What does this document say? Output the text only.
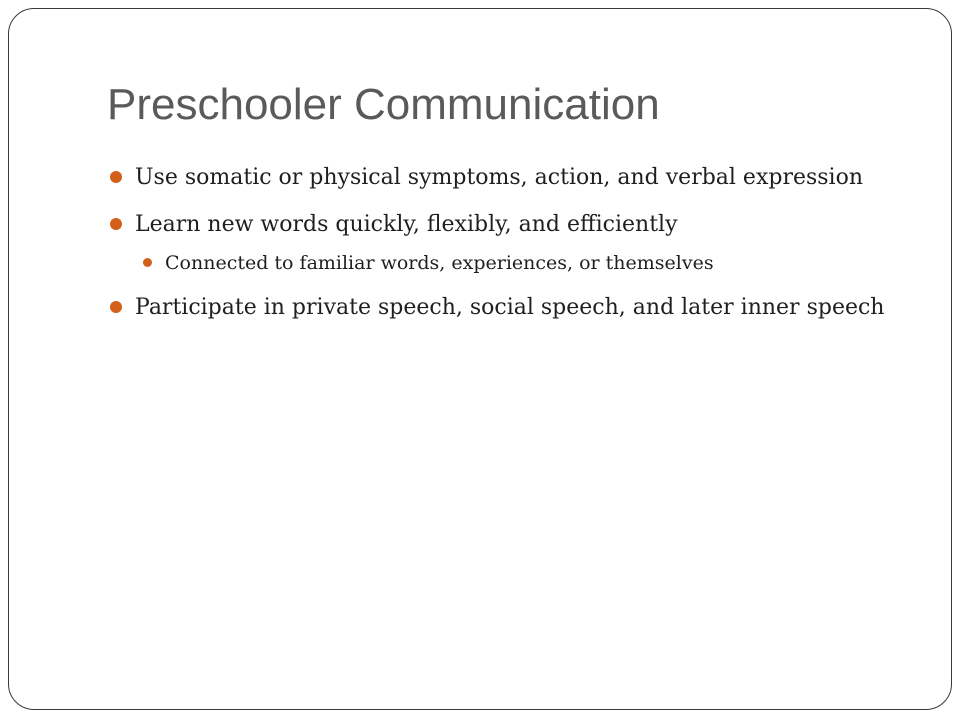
Preschooler Communication
Use somatic or physical symptoms, action, and verbal expression
Learn new words quickly, flexibly, and efficiently
Connected to familiar words, experiences, or themselves
Participate in private speech, social speech, and later inner speech
